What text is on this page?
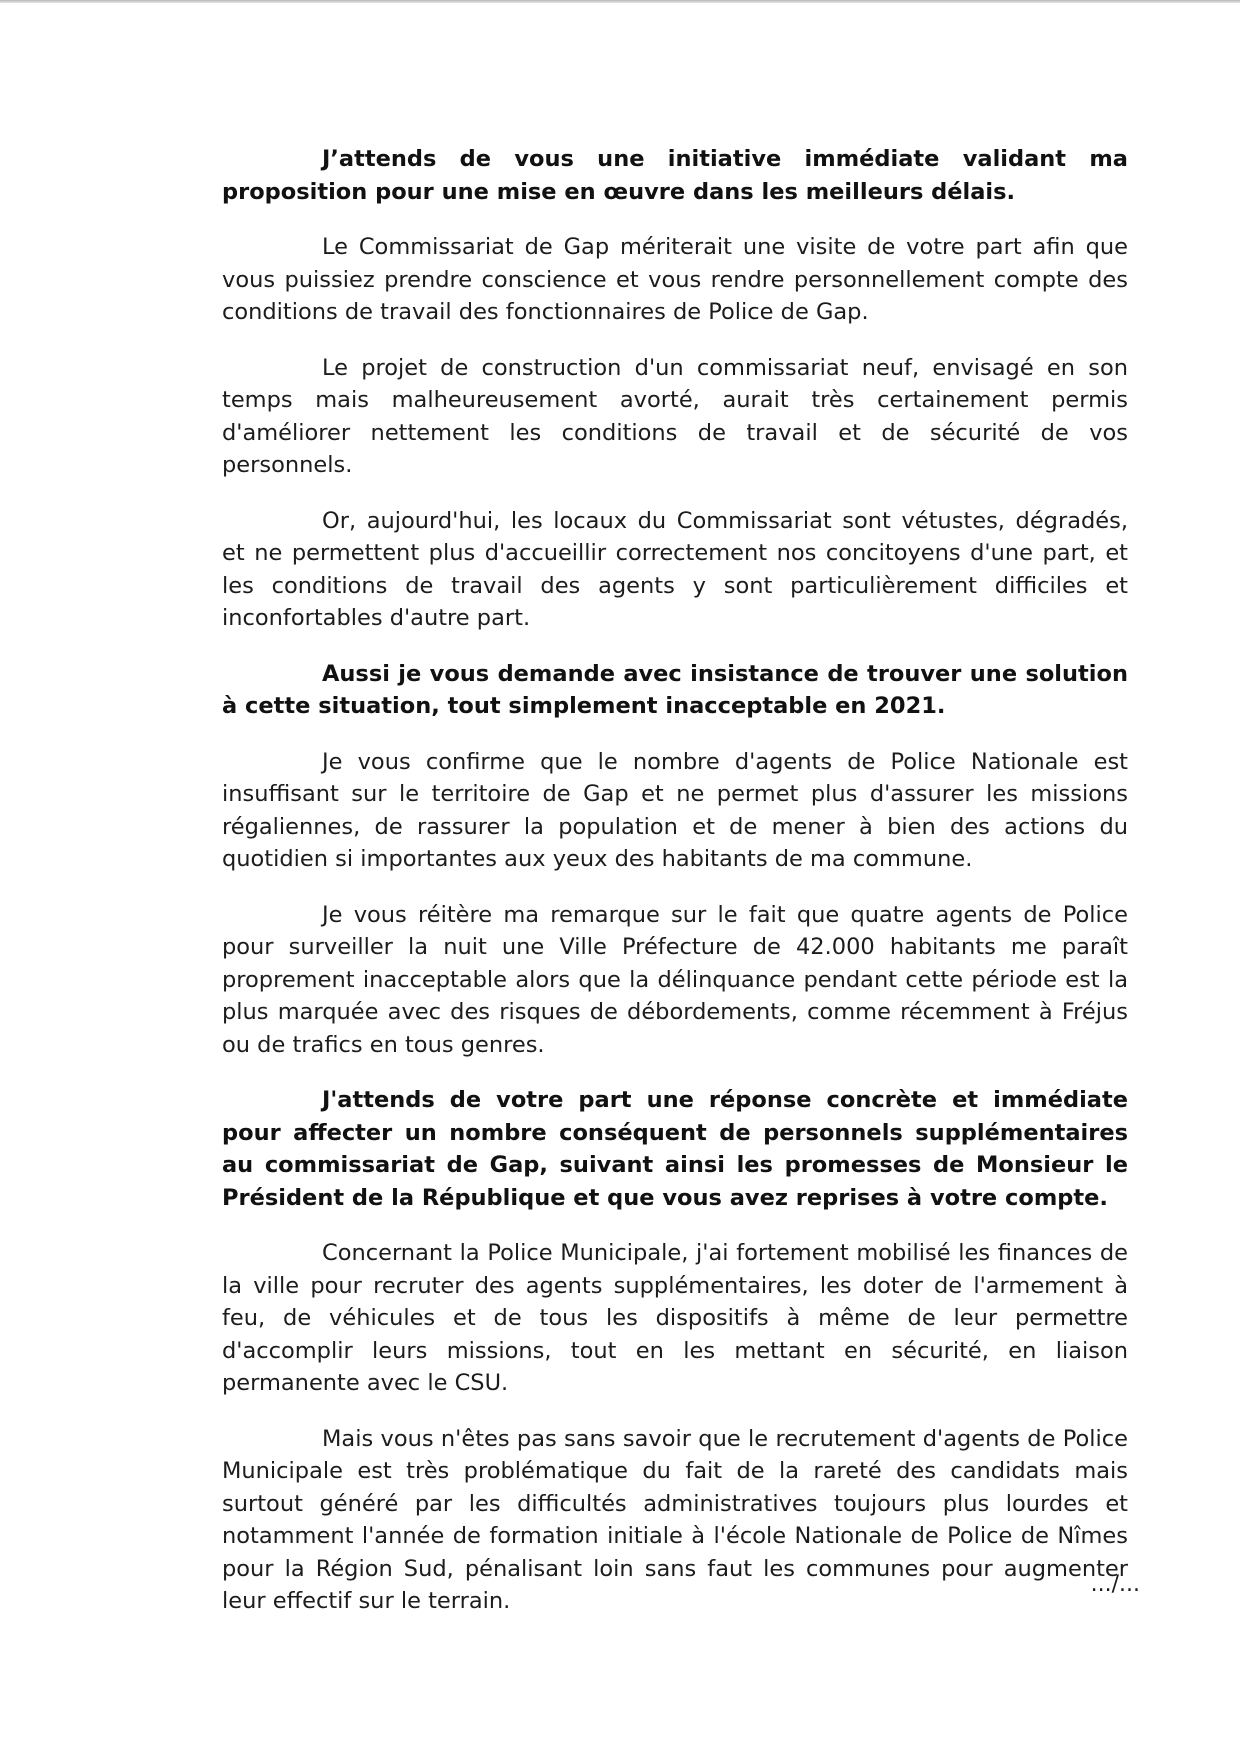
J’attends de vous une initiative immédiate validant ma proposition pour une mise en œuvre dans les meilleurs délais.

Le Commissariat de Gap mériterait une visite de votre part afin que vous puissiez prendre conscience et vous rendre personnellement compte des conditions de travail des fonctionnaires de Police de Gap.

Le projet de construction d'un commissariat neuf, envisagé en son temps mais malheureusement avorté, aurait très certainement permis d'améliorer nettement les conditions de travail et de sécurité de vos personnels.

Or, aujourd'hui, les locaux du Commissariat sont vétustes, dégradés, et ne permettent plus d'accueillir correctement nos concitoyens d'une part, et les conditions de travail des agents y sont particulièrement difficiles et inconfortables d'autre part.

Aussi je vous demande avec insistance de trouver une solution à cette situation, tout simplement inacceptable en 2021.

Je vous confirme que le nombre d'agents de Police Nationale est insuffisant sur le territoire de Gap et ne permet plus d'assurer les missions régaliennes, de rassurer la population et de mener à bien des actions du quotidien si importantes aux yeux des habitants de ma commune.

Je vous réitère ma remarque sur le fait que quatre agents de Police pour surveiller la nuit une Ville Préfecture de 42.000 habitants me paraît proprement inacceptable alors que la délinquance pendant cette période est la plus marquée avec des risques de débordements, comme récemment à Fréjus ou de trafics en tous genres.

J'attends de votre part une réponse concrète et immédiate pour affecter un nombre conséquent de personnels supplémentaires au commissariat de Gap, suivant ainsi les promesses de Monsieur le Président de la République et que vous avez reprises à votre compte.

Concernant la Police Municipale, j'ai fortement mobilisé les finances de la ville pour recruter des agents supplémentaires, les doter de l'armement à feu, de véhicules et de tous les dispositifs à même de leur permettre d'accomplir leurs missions, tout en les mettant en sécurité, en liaison permanente avec le CSU.

Mais vous n'êtes pas sans savoir que le recrutement d'agents de Police Municipale est très problématique du fait de la rareté des candidats mais surtout généré par les difficultés administratives toujours plus lourdes et notamment l'année de formation initiale à l'école Nationale de Police de Nîmes pour la Région Sud, pénalisant loin sans faut les communes pour augmenter leur effectif sur le terrain.

.../...
